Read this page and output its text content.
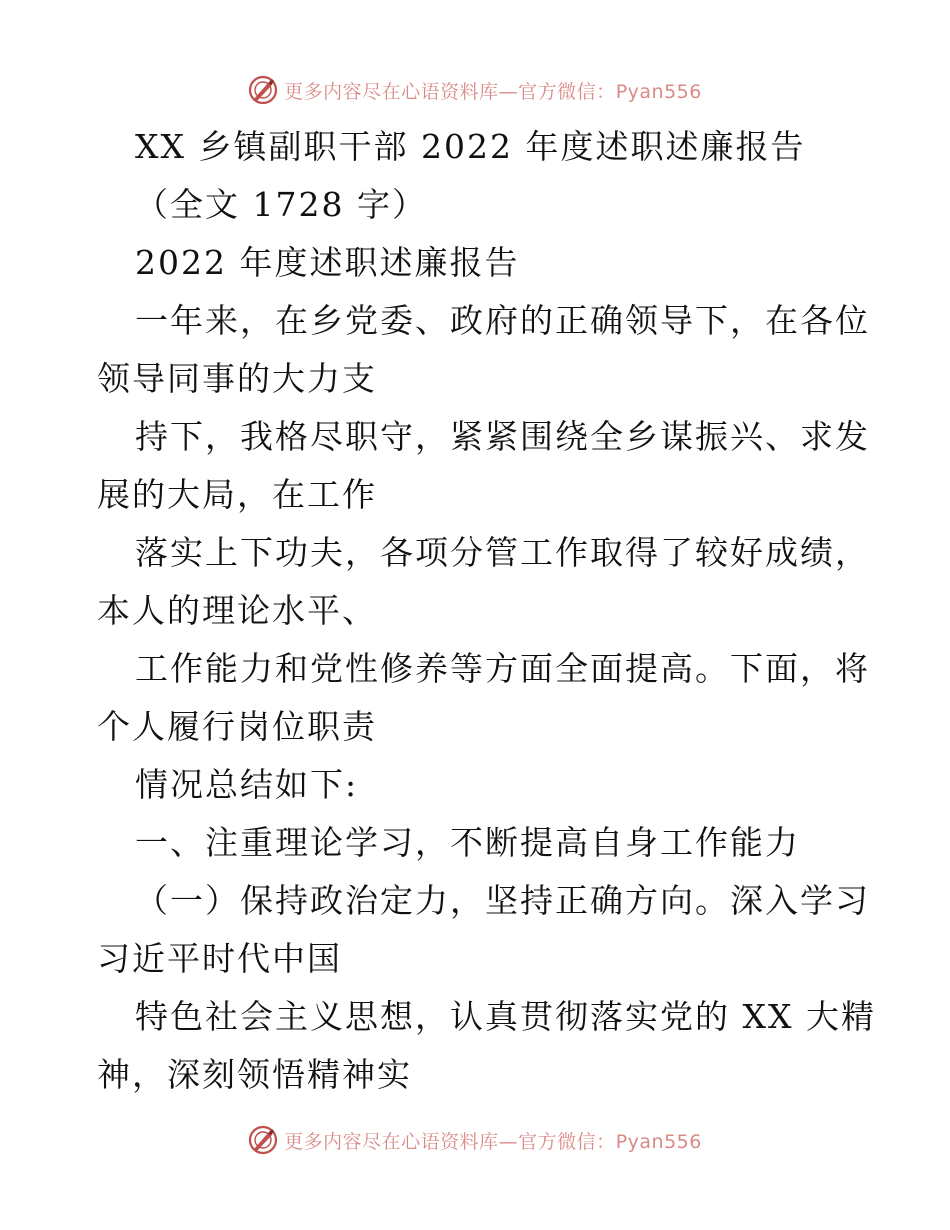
更多内容尽在心语资料库—官方微信：Pyan556
XX 乡镇副职干部 2022 年度述职述廉报告
（全文 1728 字）
2022 年度述职述廉报告
一年来，在乡党委、政府的正确领导下，在各位
领导同事的大力支
持下，我格尽职守，紧紧围绕全乡谋振兴、求发
展的大局，在工作
落实上下功夫，各项分管工作取得了较好成绩，
本人的理论水平、
工作能力和党性修养等方面全面提高。下面，将
个人履行岗位职责
情况总结如下:
一、注重理论学习，不断提高自身工作能力
（一）保持政治定力，坚持正确方向。深入学习
习近平时代中国
特色社会主义思想，认真贯彻落实党的 XX 大精
神，深刻领悟精神实
更多内容尽在心语资料库—官方微信：Pyan556
